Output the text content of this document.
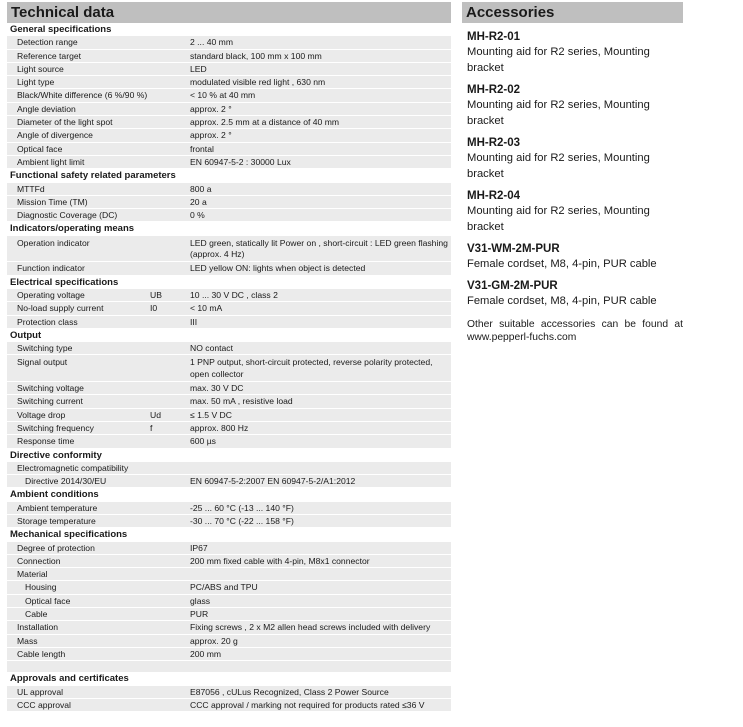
Technical data
General specifications
Detection range	2 ... 40 mm
Reference target	standard black, 100 mm x 100 mm
Light source	LED
Light type	modulated visible red light , 630 nm
Black/White difference (6 %/90 %)	< 10 % at 40 mm
Angle deviation	approx. 2 °
Diameter of the light spot	approx. 2.5 mm at a distance of 40 mm
Angle of divergence	approx. 2 °
Optical face	frontal
Ambient light limit	EN 60947-5-2 : 30000 Lux
Functional safety related parameters
MTTFd	800 a
Mission Time (TM)	20 a
Diagnostic Coverage (DC)	0 %
Indicators/operating means
Operation indicator	LED green, statically lit Power on , short-circuit : LED green flashing (approx. 4 Hz)
Function indicator	LED yellow ON: lights when object is detected
Electrical specifications
Operating voltage	UB	10 ... 30 V DC , class 2
No-load supply current	I0	< 10 mA
Protection class	III
Output
Switching type	NO contact
Signal output	1 PNP output, short-circuit protected, reverse polarity protected, open collector
Switching voltage	max. 30 V DC
Switching current	max. 50 mA , resistive load
Voltage drop	Ud	≤ 1.5 V DC
Switching frequency	f	approx. 800 Hz
Response time	600 µs
Directive conformity
Electromagnetic compatibility
Directive 2014/30/EU	EN 60947-5-2:2007 EN 60947-5-2/A1:2012
Ambient conditions
Ambient temperature	-25 ... 60 °C (-13 ... 140 °F)
Storage temperature	-30 ... 70 °C (-22 ... 158 °F)
Mechanical specifications
Degree of protection	IP67
Connection	200 mm fixed cable with 4-pin, M8x1 connector
Material
Housing	PC/ABS and TPU
Optical face	glass
Cable	PUR
Installation	Fixing screws , 2 x M2 allen head screws included with delivery
Mass	approx. 20 g
Cable length	200 mm
Approvals and certificates
UL approval	E87056 , cULus Recognized, Class 2 Power Source
CCC approval	CCC approval / marking not required for products rated ≤36 V
Accessories
MH-R2-01
Mounting aid for R2 series, Mounting bracket
MH-R2-02
Mounting aid for R2 series, Mounting bracket
MH-R2-03
Mounting aid for R2 series, Mounting bracket
MH-R2-04
Mounting aid for R2 series, Mounting bracket
V31-WM-2M-PUR
Female cordset, M8, 4-pin, PUR cable
V31-GM-2M-PUR
Female cordset, M8, 4-pin, PUR cable
Other suitable accessories can be found at www.pepperl-fuchs.com
